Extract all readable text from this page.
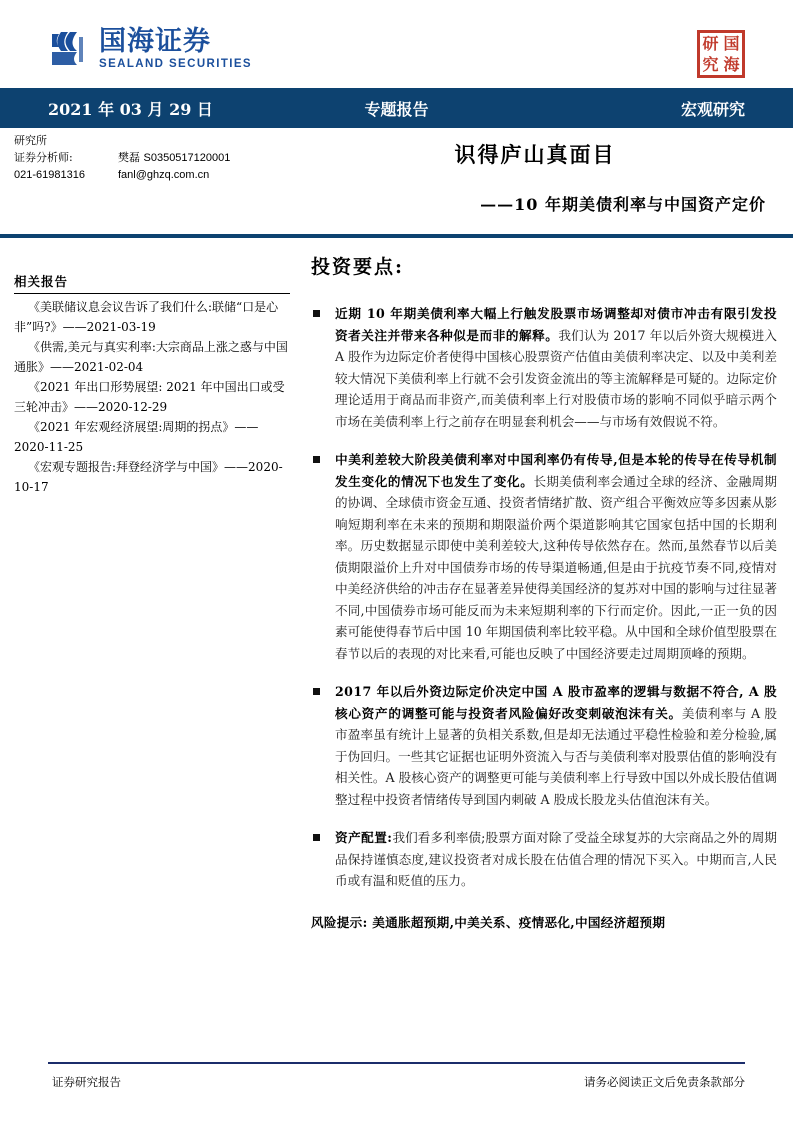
国海证券
SEALAND SECURITIES
研 国
究 海
专题报告
2021 年 03 月 29 日	宏观研究
研究所
证券分析师:	樊磊 S0350517120001
021-61981316	fanl@ghzq.com.cn
识得庐山真面目
——10 年期美债利率与中国资产定价
相关报告
《美联储议息会议告诉了我们什么:联储“口是心非”吗?》——2021-03-19
《供需,美元与真实利率:大宗商品上涨之惑与中国通胀》——2021-02-04
《2021 年出口形势展望: 2021 年中国出口或受三轮冲击》——2020-12-29
《2021 年宏观经济展望:周期的拐点》——2020-11-25
《宏观专题报告:拜登经济学与中国》——2020-10-17
投资要点:
近期 10 年期美债利率大幅上行触发股票市场调整却对债市冲击有限引发投资者关注并带来各种似是而非的解释。我们认为 2017 年以后外资大规模进入 A 股作为边际定价者使得中国核心股票资产估值由美债利率决定、以及中美利差较大情况下美债利率上行就不会引发资金流出的等主流解释是可疑的。边际定价理论适用于商品而非资产,而美债利率上行对股债市场的影响不同似乎暗示两个市场在美债利率上行之前存在明显套利机会——与市场有效假说不符。
中美利差较大阶段美债利率对中国利率仍有传导,但是本轮的传导在传导机制发生变化的情况下也发生了变化。长期美债利率会通过全球的经济、金融周期的协调、全球债市资金互通、投资者情绪扩散、资产组合平衡效应等多因素从影响短期利率在未来的预期和期限溢价两个渠道影响其它国家包括中国的长期利率。历史数据显示即使中美利差较大,这种传导依然存在。然而,虽然春节以后美债期限溢价上升对中国债券市场的传导渠道畅通,但是由于抗疫节奏不同,疫情对中美经济供给的冲击存在显著差异使得美国经济的复苏对中国的影响与过往显著不同,中国债券市场可能反而为未来短期利率的下行而定价。因此,一正一负的因素可能使得春节后中国 10 年期国债利率比较平稳。从中国和全球价值型股票在春节以后的表现的对比来看,可能也反映了中国经济要走过周期顶峰的预期。
2017 年以后外资边际定价决定中国 A 股市盈率的逻辑与数据不符合, A 股核心资产的调整可能与投资者风险偏好改变刺破泡沫有关。美债利率与 A 股市盈率虽有统计上显著的负相关系数,但是却无法通过平稳性检验和差分检验,属于伪回归。一些其它证据也证明外资流入与否与美债利率对股票估值的影响没有相关性。A 股核心资产的调整更可能与美债利率上行导致中国以外成长股估值调整过程中投资者情绪传导到国内刺破 A 股成长股龙头估值泡沫有关。
资产配置:我们看多利率债;股票方面对除了受益全球复苏的大宗商品之外的周期品保持谨慎态度,建议投资者对成长股在估值合理的情况下买入。中期而言,人民币或有温和贬值的压力。
风险提示: 美通胀超预期,中美关系、疫情恶化,中国经济超预期
证券研究报告	请务必阅读正文后免责条款部分
